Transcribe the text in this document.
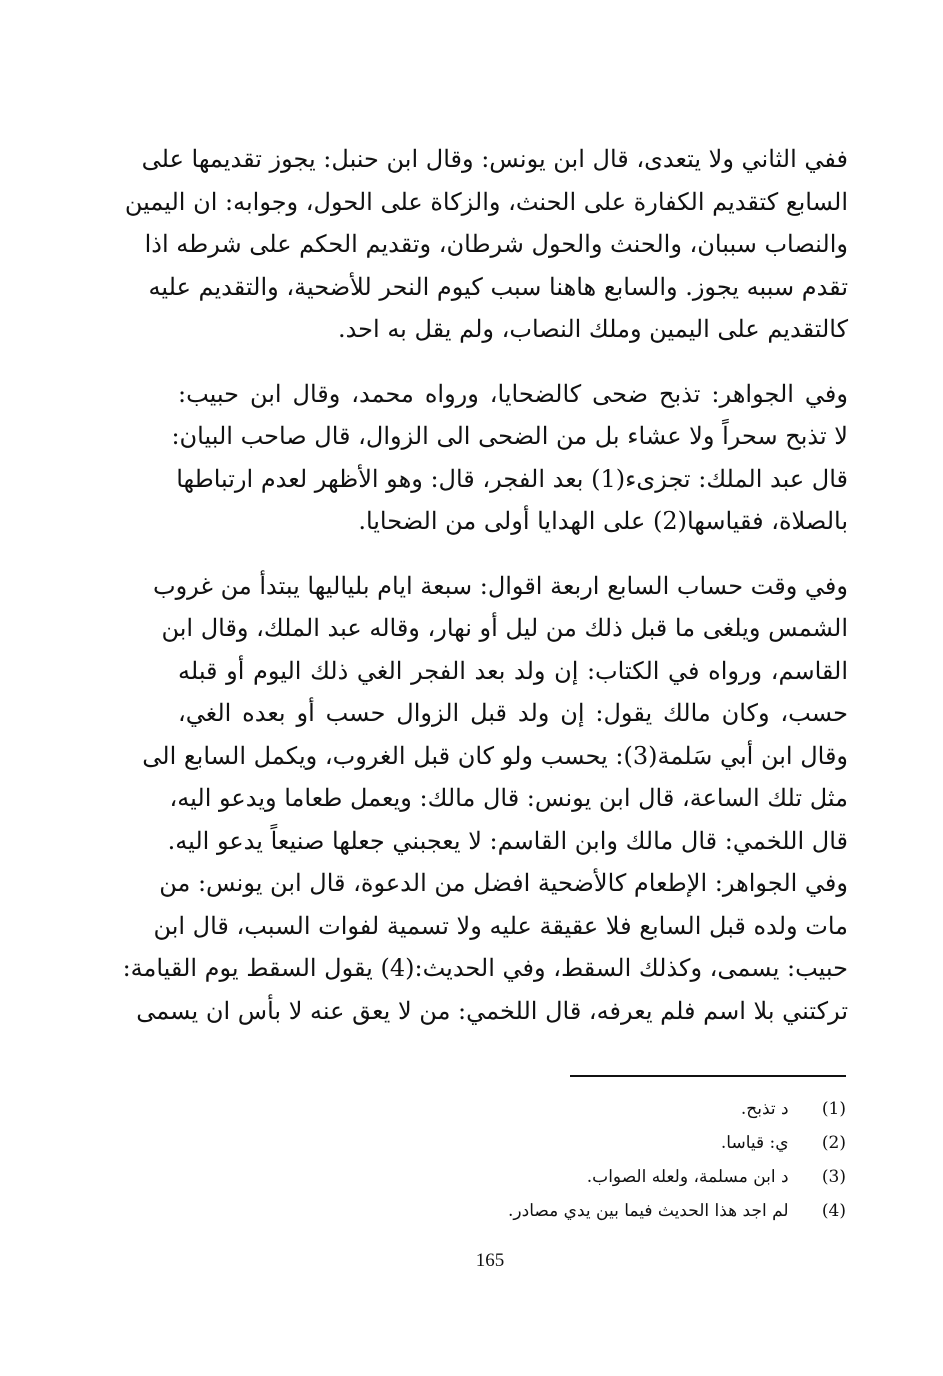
ففي الثاني ولا يتعدى، قال ابن يونس: وقال ابن حنبل: يجوز تقديمها على
السابع كتقديم الكفارة على الحنث، والزكاة على الحول، وجوابه: ان اليمين
والنصاب سببان، والحنث والحول شرطان، وتقديم الحكم على شرطه اذا
تقدم سببه يجوز. والسابع هاهنا سبب كيوم النحر للأضحية، والتقديم عليه
كالتقديم على اليمين وملك النصاب، ولم يقل به احد.
وفي الجواهر: تذبح ضحى كالضحايا، ورواه محمد، وقال ابن حبيب:
لا تذبح سحراً ولا عشاء بل من الضحى الى الزوال، قال صاحب البيان:
قال عبد الملك: تجزىء(1) بعد الفجر، قال: وهو الأظهر لعدم ارتباطها
بالصلاة، فقياسها(2) على الهدايا أولى من الضحايا.
وفي وقت حساب السابع اربعة اقوال: سبعة ايام بلياليها يبتدأ من غروب
الشمس ويلغى ما قبل ذلك من ليل أو نهار، وقاله عبد الملك، وقال ابن
القاسم، ورواه في الكتاب: إن ولد بعد الفجر الغي ذلك اليوم أو قبله
حسب، وكان مالك يقول: إن ولد قبل الزوال حسب أو بعده الغي،
وقال ابن أبي سَلمة(3): يحسب ولو كان قبل الغروب، ويكمل السابع الى
مثل تلك الساعة، قال ابن يونس: قال مالك: ويعمل طعاما ويدعو اليه،
قال اللخمي: قال مالك وابن القاسم: لا يعجبني جعلها صنيعاً يدعو اليه.
وفي الجواهر: الإطعام كالأضحية افضل من الدعوة، قال ابن يونس: من
مات ولده قبل السابع فلا عقيقة عليه ولا تسمية لفوات السبب، قال ابن
حبيب: يسمى، وكذلك السقط، وفي الحديث:(4) يقول السقط يوم القيامة:
تركتني بلا اسم فلم يعرفه، قال اللخمي: من لا يعق عنه لا بأس ان يسمى
(1) د تذبح.
(2) ي: قياسا.
(3) د ابن مسلمة، ولعله الصواب.
(4) لم اجد هذا الحديث فيما بين يدي مصادر.
165
